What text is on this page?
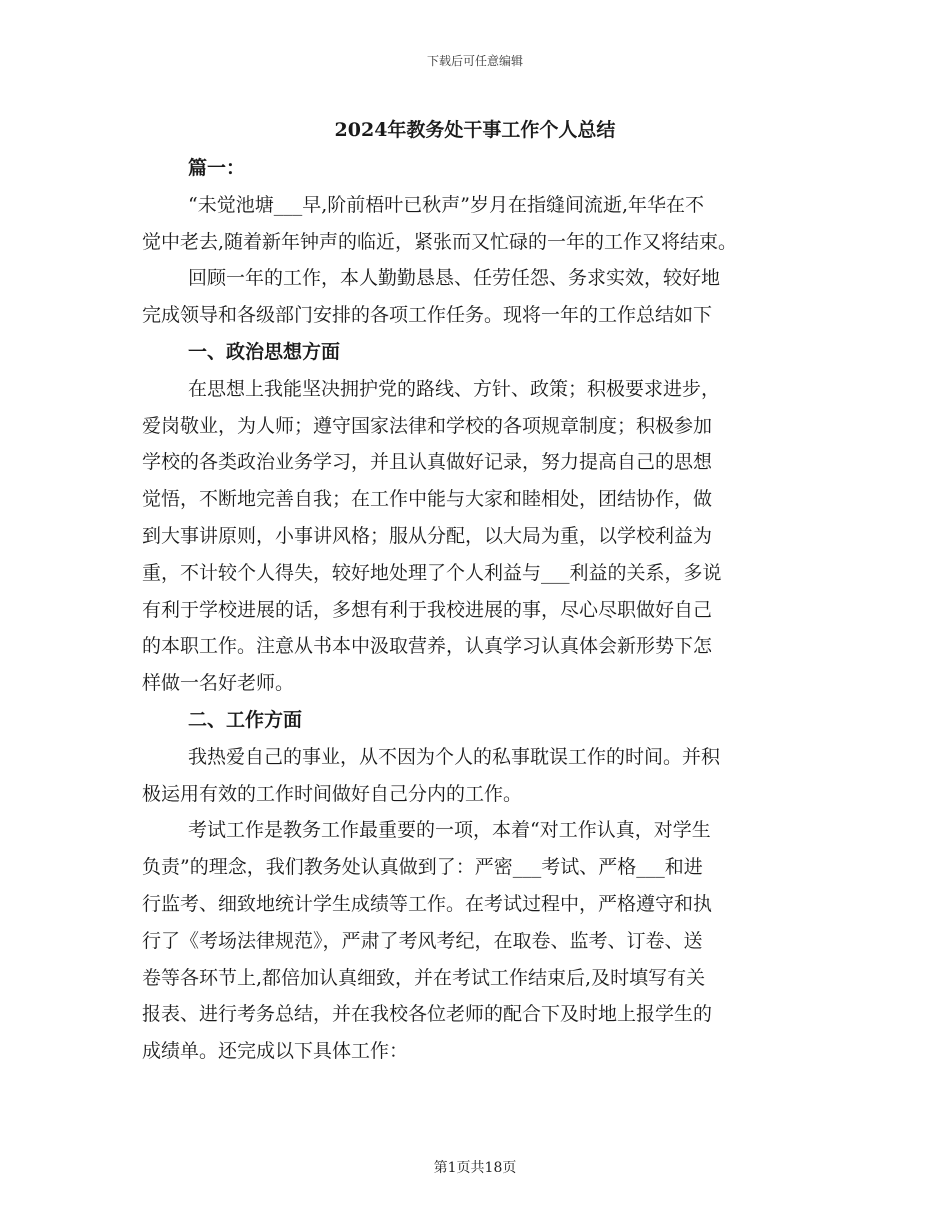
下载后可任意编辑
2024年教务处干事工作个人总结
篇一：
“未觉池塘___早,阶前梧叶已秋声”岁月在指缝间流逝,年华在不
觉中老去,随着新年钟声的临近，紧张而又忙碌的一年的工作又将结束。
回顾一年的工作，本人勤勤恳恳、任劳任怨、务求实效，较好地
完成领导和各级部门安排的各项工作任务。现将一年的工作总结如下
一、政治思想方面
在思想上我能坚决拥护党的路线、方针、政策；积极要求进步，
爱岗敬业，为人师；遵守国家法律和学校的各项规章制度；积极参加
学校的各类政治业务学习，并且认真做好记录，努力提高自己的思想
觉悟，不断地完善自我；在工作中能与大家和睦相处，团结协作，做
到大事讲原则，小事讲风格；服从分配，以大局为重，以学校利益为
重，不计较个人得失，较好地处理了个人利益与___利益的关系，多说
有利于学校进展的话，多想有利于我校进展的事，尽心尽职做好自己
的本职工作。注意从书本中汲取营养，认真学习认真体会新形势下怎
样做一名好老师。
二、工作方面
我热爱自己的事业，从不因为个人的私事耽误工作的时间。并积
极运用有效的工作时间做好自己分内的工作。
考试工作是教务工作最重要的一项，本着“对工作认真，对学生
负责”的理念，我们教务处认真做到了：严密___考试、严格___和进
行监考、细致地统计学生成绩等工作。在考试过程中，严格遵守和执
行了《考场法律规范》，严肃了考风考纪，在取卷、监考、订卷、送
卷等各环节上,都倍加认真细致，并在考试工作结束后,及时填写有关
报表、进行考务总结，并在我校各位老师的配合下及时地上报学生的
成绩单。还完成以下具体工作：
第1页共18页
